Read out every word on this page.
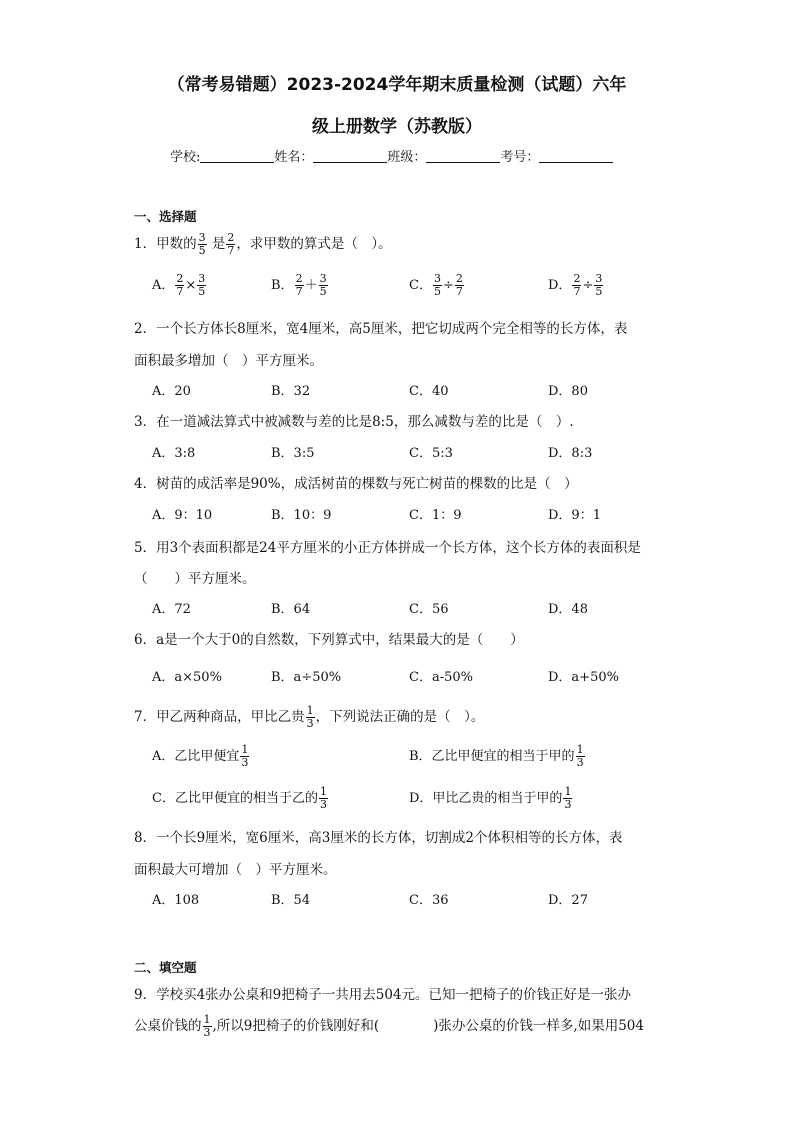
（常考易错题）2023-2024学年期末质量检测（试题）六年
级上册数学（苏教版）
学校:	姓名：	班级：	考号：
一、选择题
1．甲数的 $\frac{3}{5}$ 是 $\frac{2}{7}$ ，求甲数的算式是（　）。
A． $\frac{2}{7} \times \frac{3}{5}$	B． $\frac{2}{7} + \frac{3}{5}$	C． $\frac{3}{5} \div \frac{2}{7}$	D． $\frac{2}{7} \div \frac{3}{5}$
2．一个长方体长8厘米，宽4厘米，高5厘米，把它切成两个完全相等的长方体，表
面积最多增加（　）平方厘米。
A．20	B．32	C．40	D．80
3．在一道减法算式中被减数与差的比是8:5，那么减数与差的比是（　）.
A．3:8	B．3:5	C．5:3	D．8:3
4．树苗的成活率是90%，成活树苗的棵数与死亡树苗的棵数的比是（　）
A．9：10	B．10：9	C．1：9	D．9：1
5．用3个表面积都是24平方厘米的小正方体拼成一个长方体，这个长方体的表面积是
（　　）平方厘米。
A．72	B．64	C．56	D．48
6．a是一个大于0的自然数，下列算式中，结果最大的是（　　）
A．a×50%	B．a÷50%	C．a-50%	D．a+50%
7．甲乙两种商品，甲比乙贵 $\frac{1}{3}$ ，下列说法正确的是（　）。
A．乙比甲便宜 $\frac{1}{3}$	B．乙比甲便宜的相当于甲的 $\frac{1}{3}$
C．乙比甲便宜的相当于乙的 $\frac{1}{3}$	D．甲比乙贵的相当于甲的 $\frac{1}{3}$
8．一个长9厘米，宽6厘米，高3厘米的长方体，切割成2个体积相等的长方体，表
面积最大可增加（　）平方厘米。
A．108	B．54	C．36	D．27
二、填空题
9．学校买4张办公桌和9把椅子一共用去504元。已知一把椅子的价钱正好是一张办
公桌价钱的 $\frac{1}{3}$ ,所以9把椅子的价钱刚好和(	)张办公桌的价钱一样多,如果用504
